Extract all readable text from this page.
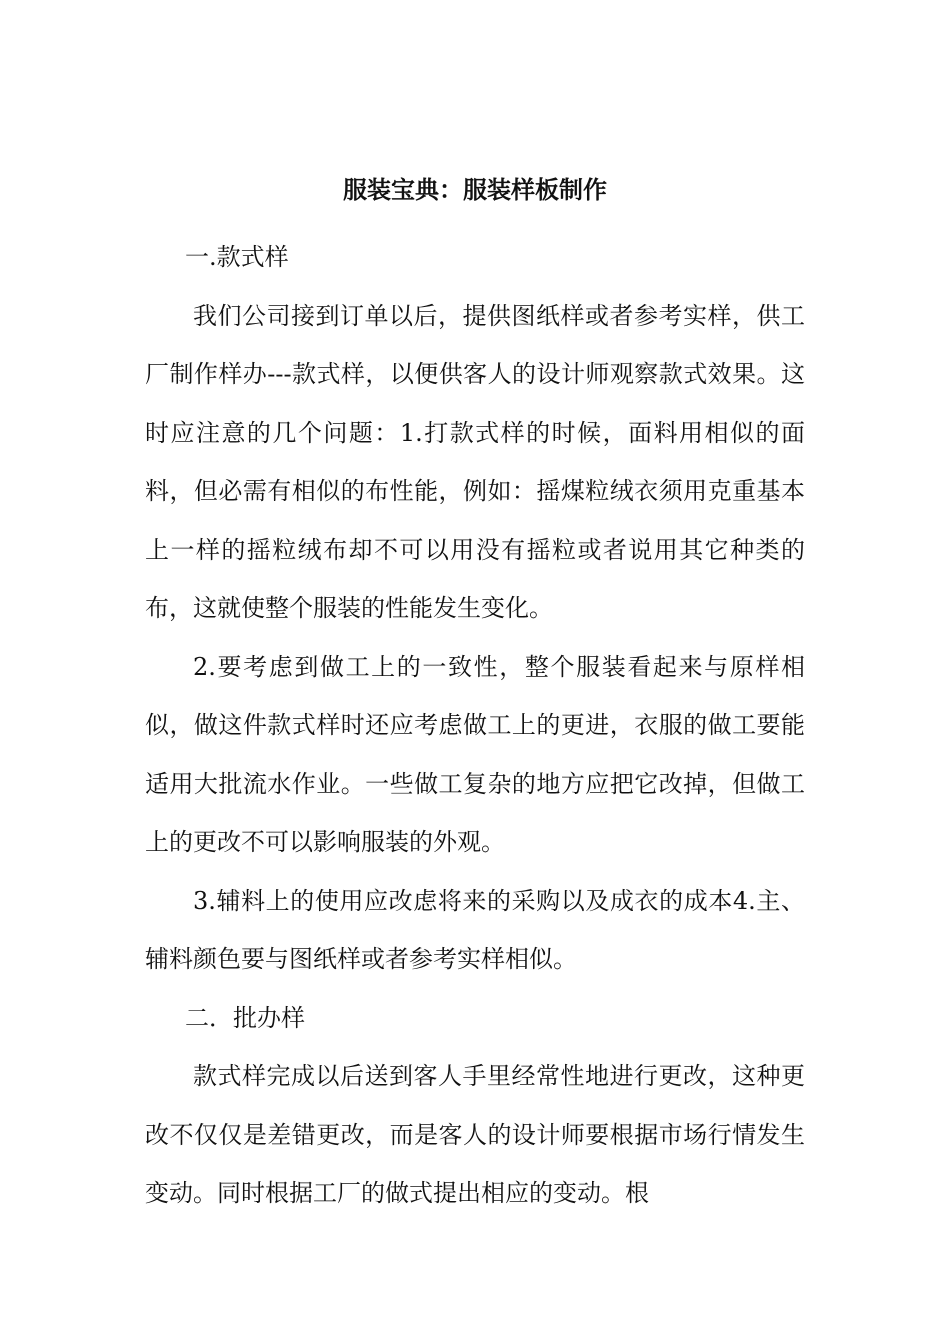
服装宝典：服装样板制作

一.款式样

我们公司接到订单以后，提供图纸样或者参考实样，供工厂制作样办---款式样，以便供客人的设计师观察款式效果。这时应注意的几个问题：1.打款式样的时候，面料用相似的面料，但必需有相似的布性能，例如：摇煤粒绒衣须用克重基本上一样的摇粒绒布却不可以用没有摇粒或者说用其它种类的布，这就使整个服装的性能发生变化。

2.要考虑到做工上的一致性，整个服装看起来与原样相似，做这件款式样时还应考虑做工上的更进，衣服的做工要能适用大批流水作业。一些做工复杂的地方应把它改掉，但做工上的更改不可以影响服装的外观。

3.辅料上的使用应改虑将来的采购以及成衣的成本4.主、辅料颜色要与图纸样或者参考实样相似。

二．批办样

款式样完成以后送到客人手里经常性地进行更改，这种更改不仅仅是差错更改，而是客人的设计师要根据市场行情发生变动。同时根据工厂的做式提出相应的变动。根
